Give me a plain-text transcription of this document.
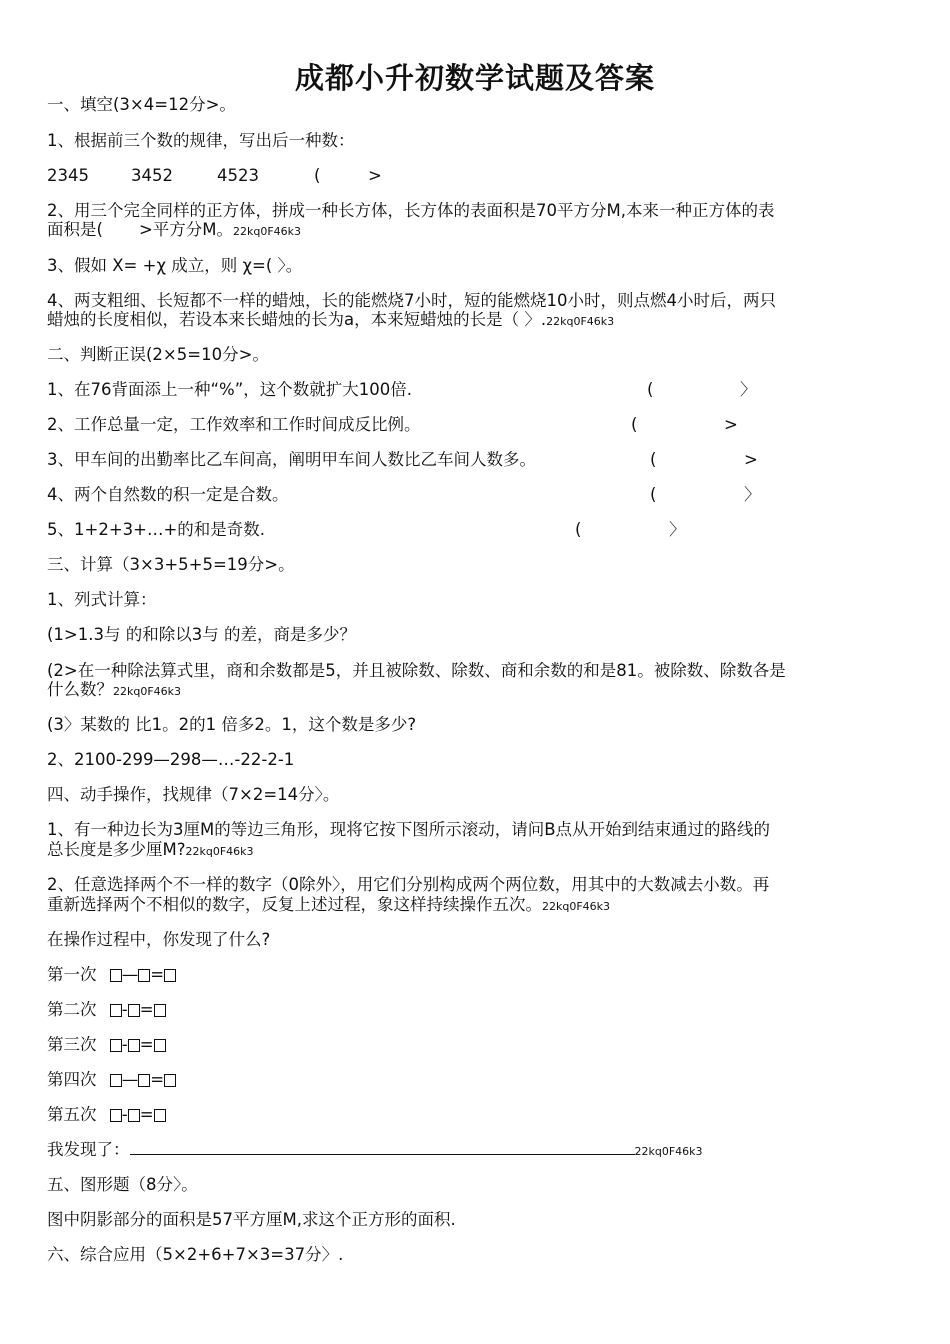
成都小升初数学试题及答案
一、填空(3×4=12分>。
1、根据前三个数的规律，写出后一种数：
2345	3452	4523	(	>
2、用三个完全同样的正方体，拼成一种长方体，长方体的表面积是70平方分M,本来一种正方体的表
面积是( >平方分M。22kq0F46k3
3、假如 X= +χ 成立，则 χ=( 〉。
4、两支粗细、长短都不一样的蜡烛，长的能燃烧7小时，短的能燃烧10小时，则点燃4小时后，两只
蜡烛的长度相似，若设本来长蜡烛的长为a，本来短蜡烛的长是（ 〉.22kq0F46k3
二、判断正误(2×5=10分>。
1、在76背面添上一种“%”，这个数就扩大100倍.	(	〉
2、工作总量一定，工作效率和工作时间成反比例。	(	>
3、甲车间的出勤率比乙车间高，阐明甲车间人数比乙车间人数多。	(	>
4、两个自然数的积一定是合数。	(	〉
5、1+2+3+…+的和是奇数.	(	〉
三、计算（3×3+5+5=19分>。
1、列式计算：
(1>1.3与 的和除以3与 的差，商是多少？
(2>在一种除法算式里，商和余数都是5，并且被除数、除数、商和余数的和是81。被除数、除数各是
什么数？22kq0F46k3
(3〉某数的 比1。2的1 倍多2。1，这个数是多少?
2、2100-299—298—…-22-2-1
四、动手操作，找规律（7×2=14分〉。
1、有一种边长为3厘M的等边三角形，现将它按下图所示滚动，请问B点从开始到结束通过的路线的
总长度是多少厘M?22kq0F46k3
2、任意选择两个不一样的数字（0除外〉，用它们分别构成两个两位数，用其中的大数减去小数。再
重新选择两个不相似的数字，反复上述过程，象这样持续操作五次。22kq0F46k3
在操作过程中，你发现了什么?
第一次 — =
第二次 - =
第三次 - =
第四次 — =
第五次 - =
我发现了：	22kq0F46k3
五、图形题（8分〉。
图中阴影部分的面积是57平方厘M,求这个正方形的面积.
六、综合应用（5×2+6+7×3=37分〉.
